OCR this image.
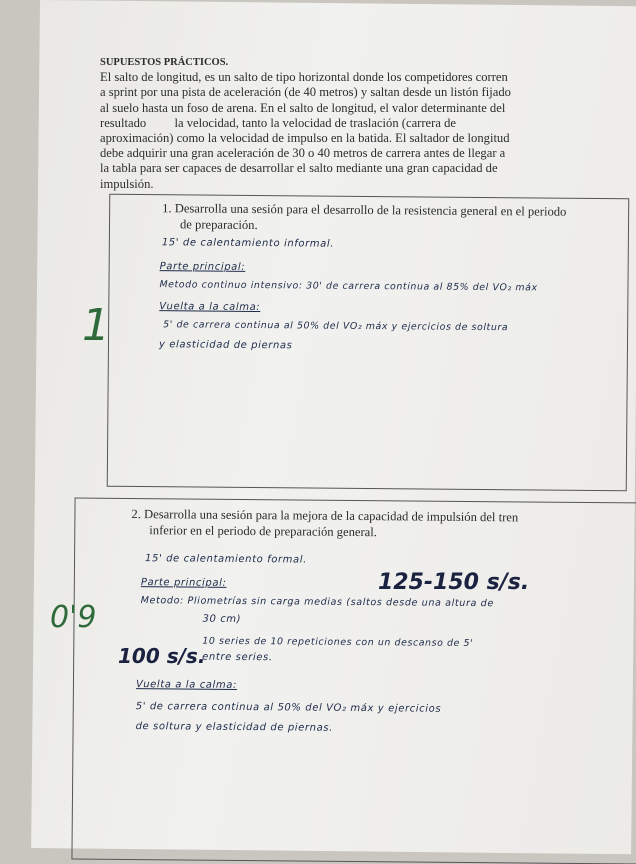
SUPUESTOS PRÁCTICOS.
El salto de longitud, es un salto de tipo horizontal donde los competidores corren
a sprint por una pista de aceleración (de 40 metros) y saltan desde un listón fijado
al suelo hasta un foso de arena. En el salto de longitud, el valor determinante del
resultado         la velocidad, tanto la velocidad de traslación (carrera de
aproximación) como la velocidad de impulso en la batida. El saltador de longitud
debe adquirir una gran aceleración de 30 o 40 metros de carrera antes de llegar a
la tabla para ser capaces de desarrollar el salto mediante una gran capacidad de
impulsión.
1. Desarrolla una sesión para el desarrollo de la resistencia general en el periodo
de preparación.
15' de calentamiento informal.
Parte principal:
Metodo continuo intensivo: 30' de carrera continua al 85% del VO₂ máx
Vuelta a la calma:
5' de carrera continua al 50% del VO₂ máx y ejercicios de soltura
y elasticidad de piernas
1
2. Desarrolla una sesión para la mejora de la capacidad de impulsión del tren
inferior en el periodo de preparación general.
15' de calentamiento formal.
Parte principal:
Metodo: Pliometrías sin carga medias (saltos desde una altura de
30 cm)
10 series de 10 repeticiones con un descanso de 5'
entre series.
Vuelta a la calma:
5' de carrera continua al 50% del VO₂ máx y ejercicios
de soltura y elasticidad de piernas.
0'9
125-150 s/s.
100 s/s.
